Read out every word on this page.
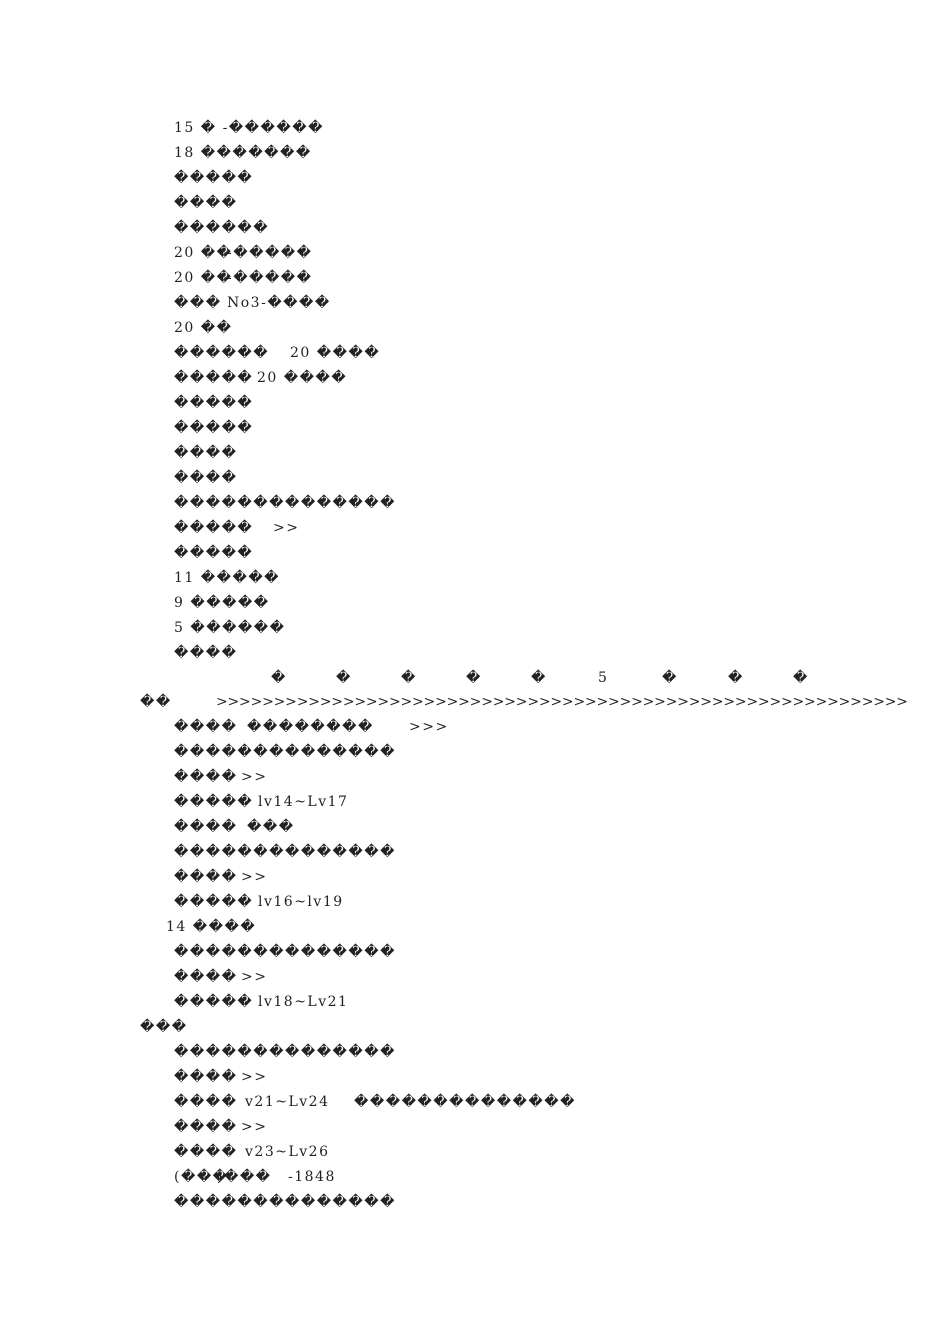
15 � -������
18 �������
�����
����
������

20 ��

-�����

20 ��

-�����

���

No3-����

20 ��

������

20 ����

�����

20 ����

�����
�����
����
����
��������������

�����

>>

�����
11 �����
9 �����
5 ������
����

�

	�

	�

	�

	�

	5

	�

	�

	�

��

	>>>>>>>>>>>>>>>>>>>>>>>>>>>>>>>>>>>>>>>>>>>>>>>>>>>>>>>>>>>>

����

��������

	>>>

��������������

����

>>

�����

lv14~Lv17

����

���

��������������

����

>>

�����

lv16~lv19

14 ����
��������������

����

>>

�����

lv18~Lv21

���
��������������

����

>>

����

v21~Lv24

��������������

����

>>

����

v23~Lv26

(���

)���

-1848

��������������
